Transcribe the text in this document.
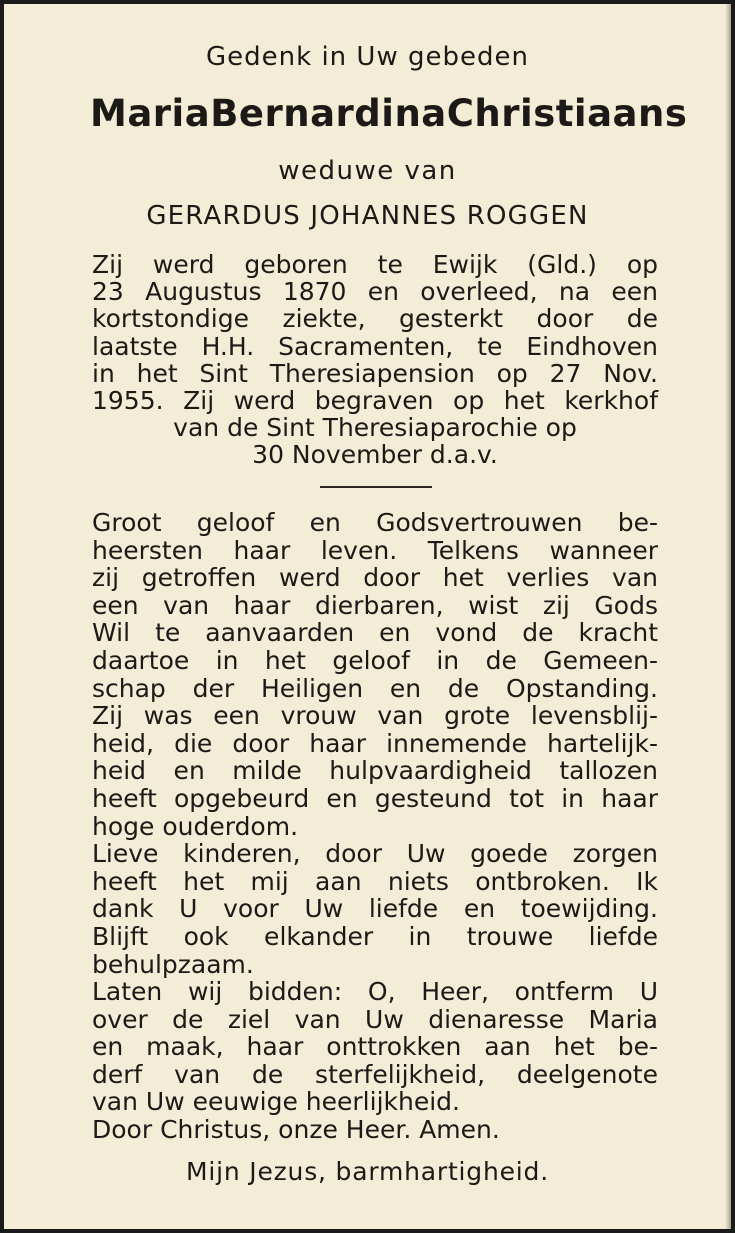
Gedenk in Uw gebeden
Maria Bernardina Christiaans
weduwe van
GERARDUS JOHANNES ROGGEN
Zij werd geboren te Ewijk (Gld.) op
23 Augustus 1870 en overleed, na een
kortstondige ziekte, gesterkt door de
laatste H.H. Sacramenten, te Eindhoven
in het Sint Theresiapension op 27 Nov.
1955. Zij werd begraven op het kerkhof
van de Sint Theresiaparochie op
30 November d.a.v.
Groot geloof en Godsvertrouwen be-
heersten haar leven. Telkens wanneer
zij getroffen werd door het verlies van
een van haar dierbaren, wist zij Gods
Wil te aanvaarden en vond de kracht
daartoe in het geloof in de Gemeen-
schap der Heiligen en de Opstanding.
Zij was een vrouw van grote levensblij-
heid, die door haar innemende hartelijk-
heid en milde hulpvaardigheid tallozen
heeft opgebeurd en gesteund tot in haar
hoge ouderdom.
Lieve kinderen, door Uw goede zorgen
heeft het mij aan niets ontbroken. Ik
dank U voor Uw liefde en toewijding.
Blijft ook elkander in trouwe liefde
behulpzaam.
Laten wij bidden: O, Heer, ontferm U
over de ziel van Uw dienaresse Maria
en maak, haar onttrokken aan het be-
derf van de sterfelijkheid, deelgenote
van Uw eeuwige heerlijkheid.
Door Christus, onze Heer. Amen.
Mijn Jezus, barmhartigheid.
